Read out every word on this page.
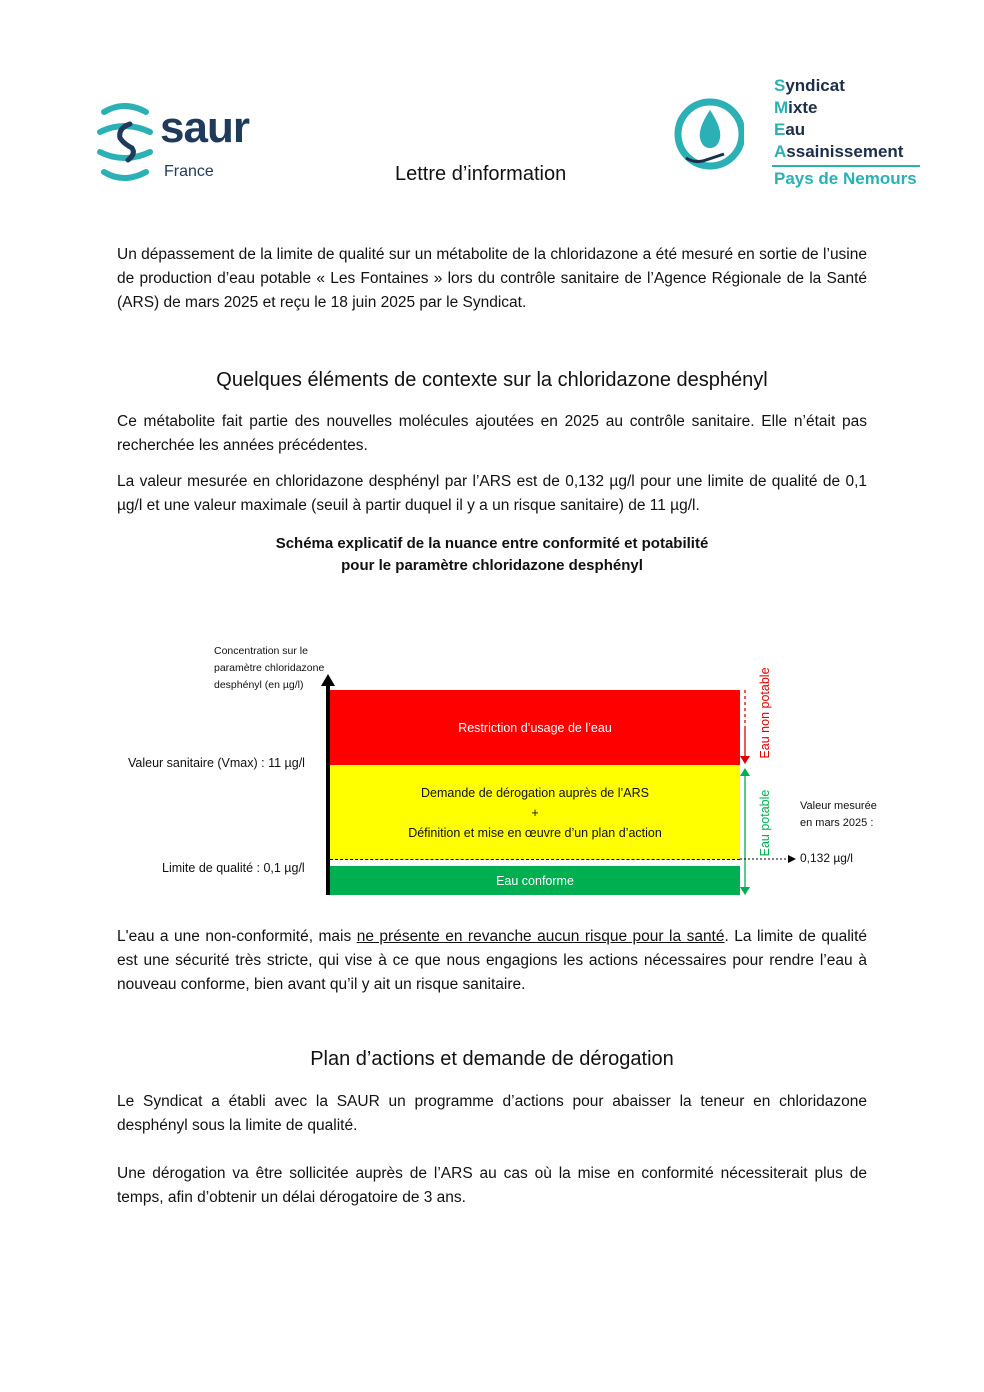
saur
France
Syndicat
Mixte
Eau
Assainissement
Pays de Nemours
Lettre d’information

Un dépassement de la limite de qualité sur un métabolite de la chloridazone a été mesuré en sortie de l’usine de production d’eau potable « Les Fontaines » lors du contrôle sanitaire de l’Agence Régionale de la Santé (ARS) de mars 2025 et reçu le 18 juin 2025 par le Syndicat.

Quelques éléments de contexte sur la chloridazone desphényl

Ce métabolite fait partie des nouvelles molécules ajoutées en 2025 au contrôle sanitaire. Elle n’était pas recherchée les années précédentes.

La valeur mesurée en chloridazone desphényl par l’ARS est de 0,132 µg/l pour une limite de qualité de 0,1 µg/l et une valeur maximale (seuil à partir duquel il y a un risque sanitaire) de 11 µg/l.

Schéma explicatif de la nuance entre conformité et potabilité
pour le paramètre chloridazone desphényl
Restriction d’usage de l’eau
Demande de dérogation auprès de l’ARS
+
Définition et mise en œuvre d’un plan d’action
Eau conforme
Concentration sur le paramètre chloridazone desphényl (en µg/l)
Valeur sanitaire (Vmax) : 11 µg/l
Limite de qualité : 0,1 µg/l
Eau non potable
Eau potable	Valeur mesurée en mars 2025 :
0,132 µg/l

L'eau a une non-conformité, mais ne présente en revanche aucun risque pour la santé. La limite de qualité est une sécurité très stricte, qui vise à ce que nous engagions les actions nécessaires pour rendre l’eau à nouveau conforme, bien avant qu’il y ait un risque sanitaire.

Plan d’actions et demande de dérogation

Le Syndicat a établi avec la SAUR un programme d’actions pour abaisser la teneur en chloridazone desphényl sous la limite de qualité.

Une dérogation va être sollicitée auprès de l’ARS au cas où la mise en conformité nécessiterait plus de temps, afin d’obtenir un délai dérogatoire de 3 ans.
